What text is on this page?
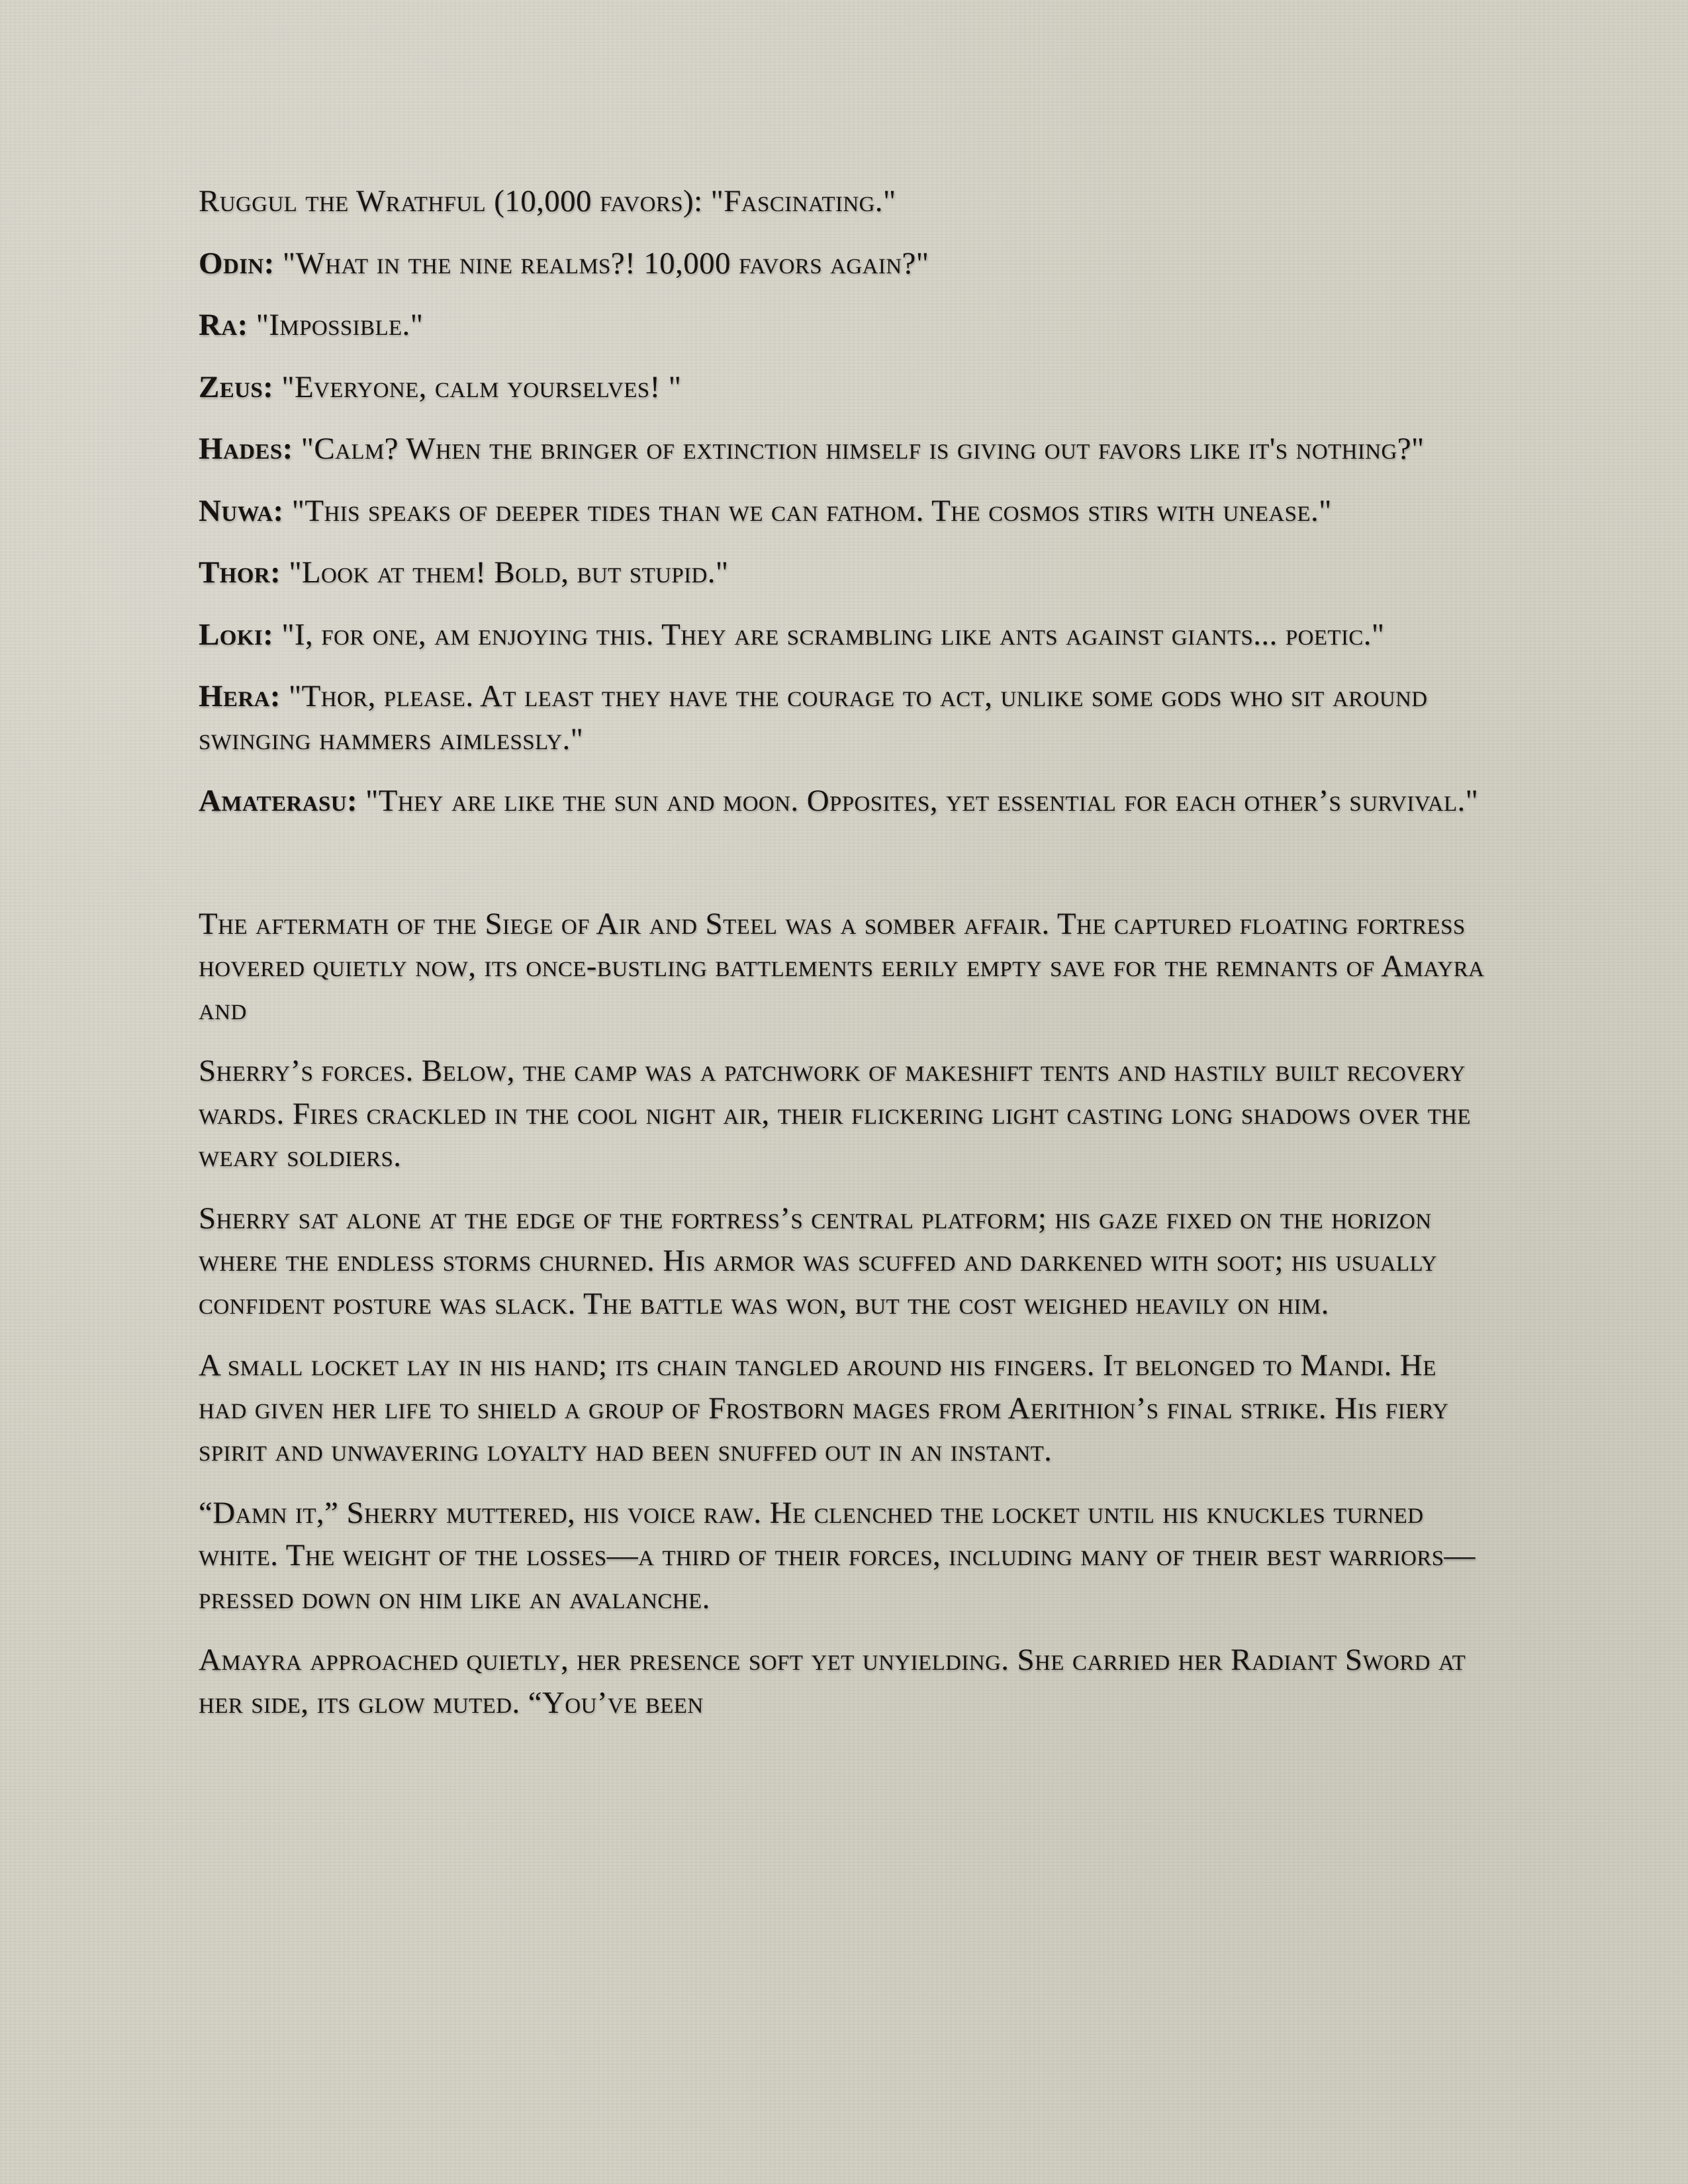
Ruggul the Wrathful (10,000 favors): "Fascinating."

Odin: "What in the nine realms?! 10,000 favors again?"

Ra: "Impossible."

Zeus: "Everyone, calm yourselves! "

Hades: "Calm? When the bringer of extinction himself is giving out favors like it's nothing?"

Nuwa: "This speaks of deeper tides than we can fathom. The cosmos stirs with unease."

Thor: "Look at them! Bold, but stupid."

Loki: "I, for one, am enjoying this. They are scrambling like ants against giants... poetic."

Hera: "Thor, please. At least they have the courage to act, unlike some gods who sit around swinging hammers aimlessly."

Amaterasu: "They are like the sun and moon. Opposites, yet essential for each other’s survival."

The aftermath of the Siege of Air and Steel was a somber affair. The captured floating fortress hovered quietly now, its once-bustling battlements eerily empty save for the remnants of Amayra and

Sherry’s forces. Below, the camp was a patchwork of makeshift tents and hastily built recovery wards. Fires crackled in the cool night air, their flickering light casting long shadows over the weary soldiers.

Sherry sat alone at the edge of the fortress’s central platform; his gaze fixed on the horizon where the endless storms churned. His armor was scuffed and darkened with soot; his usually confident posture was slack. The battle was won, but the cost weighed heavily on him.

A small locket lay in his hand; its chain tangled around his fingers. It belonged to Mandi. He had given her life to shield a group of Frostborn mages from Aerithion’s final strike. His fiery spirit and unwavering loyalty had been snuffed out in an instant.

“Damn it,” Sherry muttered, his voice raw. He clenched the locket until his knuckles turned white. The weight of the losses—a third of their forces, including many of their best warriors—pressed down on him like an avalanche.

Amayra approached quietly, her presence soft yet unyielding. She carried her Radiant Sword at her side, its glow muted. “You’ve been
